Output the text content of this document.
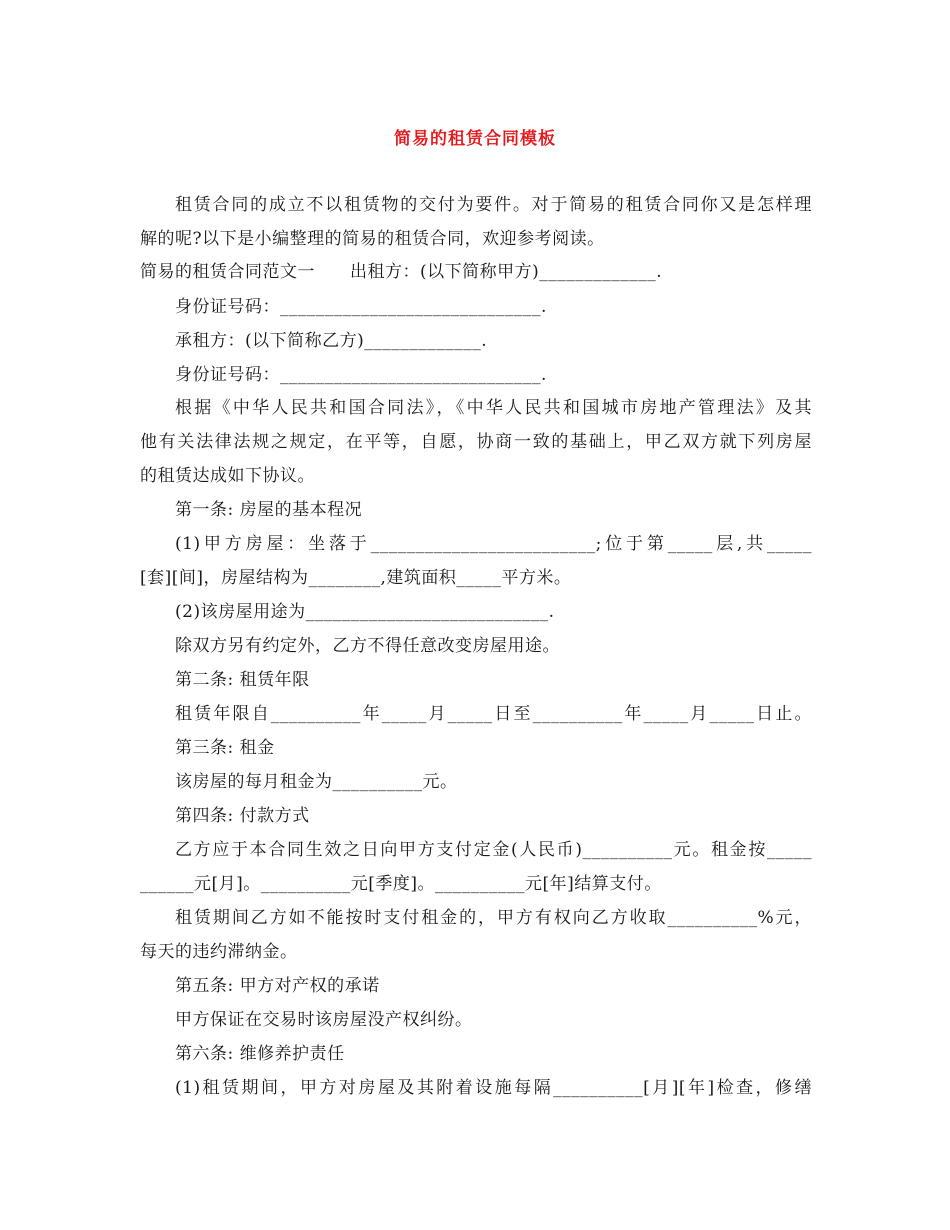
简易的租赁合同模板
租赁合同的成立不以租赁物的交付为要件。对于简易的租赁合同你又是怎样理
解的呢?以下是小编整理的简易的租赁合同，欢迎参考阅读。
简易的租赁合同范文一　　出租方：(以下简称甲方)_____________.
身份证号码：_____________________________.
承租方：(以下简称乙方)_____________.
身份证号码：_____________________________.
根据《中华人民共和国合同法》，《中华人民共和国城市房地产管理法》及其
他有关法律法规之规定，在平等，自愿，协商一致的基础上，甲乙双方就下列房屋
的租赁达成如下协议。
第一条: 房屋的基本程况
(1)甲方房屋：坐落于_________________________;位于第_____层,共_____
[套][间]，房屋结构为________,建筑面积_____平方米。
(2)该房屋用途为___________________________.
除双方另有约定外，乙方不得任意改变房屋用途。
第二条: 租赁年限
租赁年限自__________年_____月_____日至__________年_____月_____日止。
第三条: 租金
该房屋的每月租金为__________元。
第四条: 付款方式
乙方应于本合同生效之日向甲方支付定金(人民币)__________元。租金按_____
______元[月]。__________元[季度]。__________元[年]结算支付。
租赁期间乙方如不能按时支付租金的，甲方有权向乙方收取__________%元，
每天的违约滞纳金。
第五条: 甲方对产权的承诺
甲方保证在交易时该房屋没产权纠纷。
第六条: 维修养护责任
(1)租赁期间，甲方对房屋及其附着设施每隔__________[月][年]检查，修缮
